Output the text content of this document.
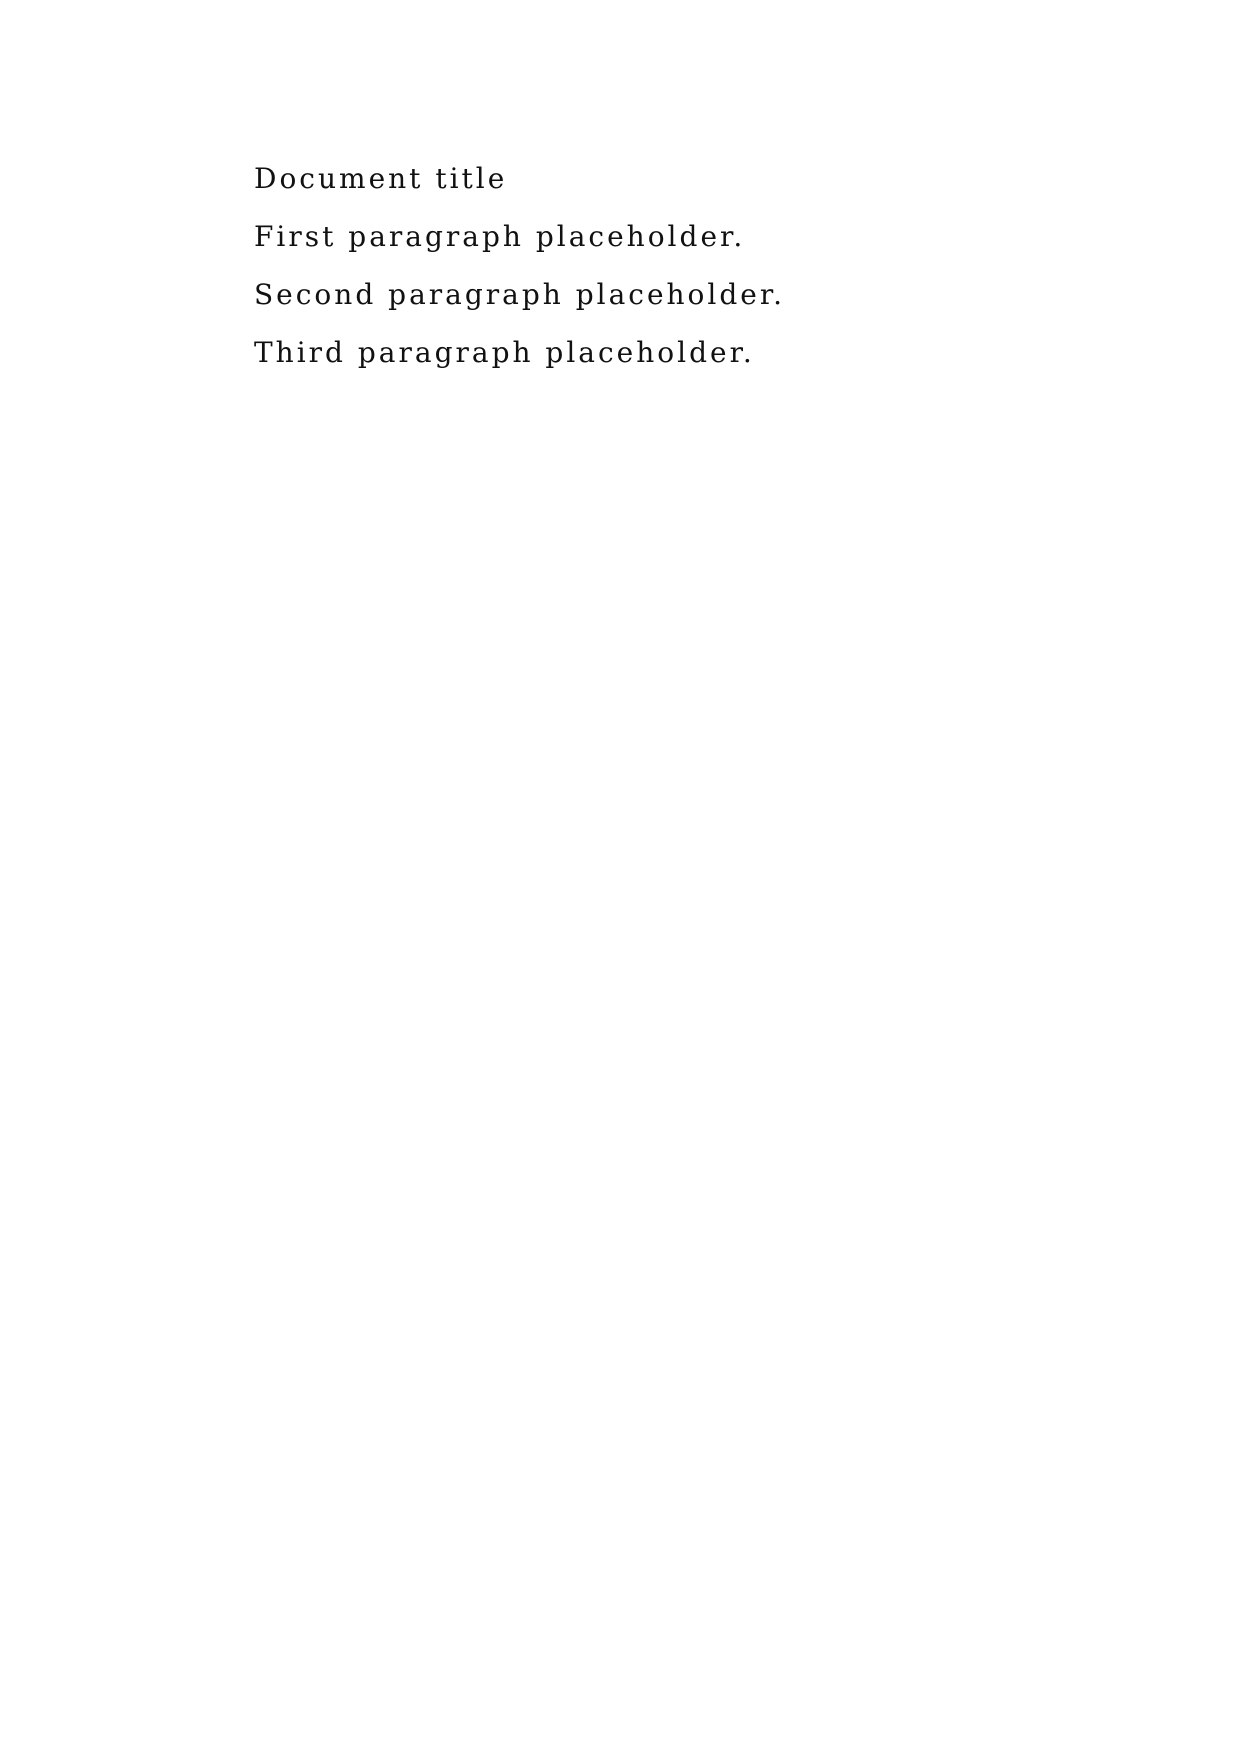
Document title

First paragraph placeholder.

Second paragraph placeholder.

Third paragraph placeholder.
